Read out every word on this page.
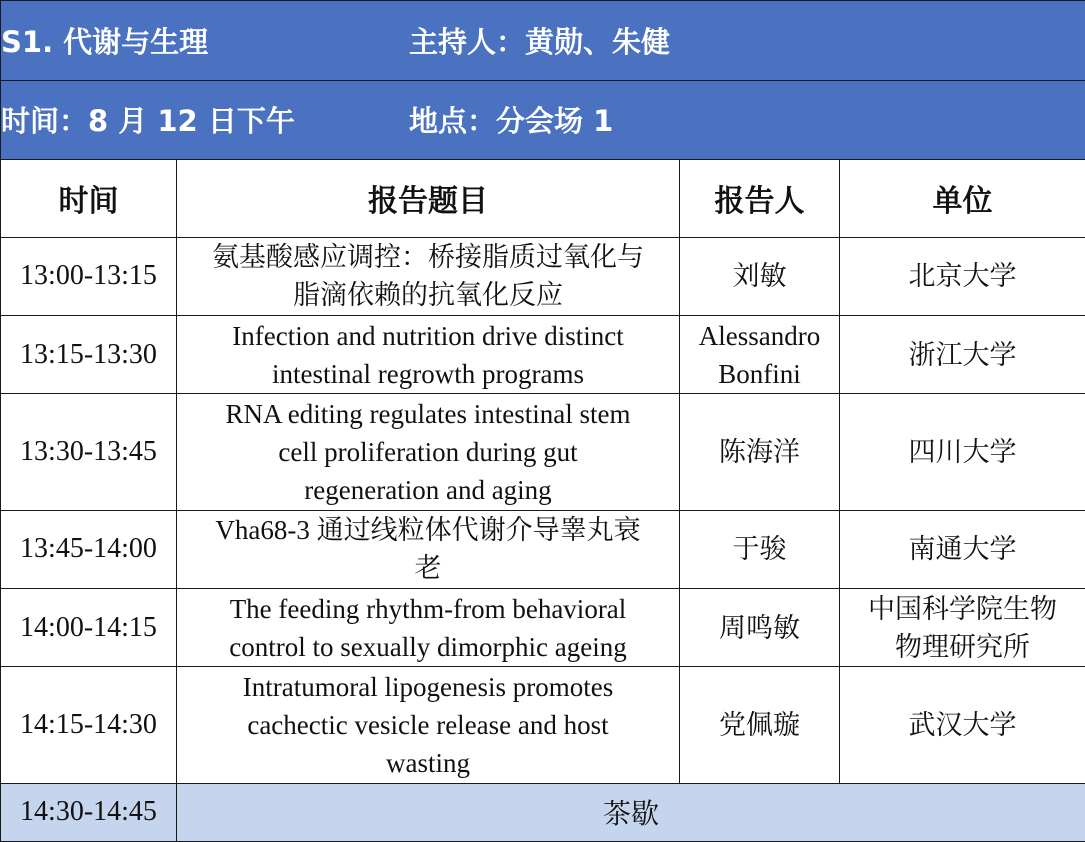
S1. 代谢与生理 主持人：黄勋、朱健			
时间：8 月 12 日下午 地点：分会场 1			
时间	报告题目	报告人	单位
13:00-13:15	氨基酸感应调控：桥接脂质过氧化与
脂滴依赖的抗氧化反应	刘敏	北京大学
13:15-13:30	Infection and nutrition drive distinct
intestinal regrowth programs	Alessandro
Bonfini	浙江大学
13:30-13:45	RNA editing regulates intestinal stem
cell proliferation during gut
regeneration and aging	陈海洋	四川大学
13:45-14:00	Vha68-3 通过线粒体代谢介导睾丸衰
老	于骏	南通大学
14:00-14:15	The feeding rhythm-from behavioral
control to sexually dimorphic ageing	周鸣敏	中国科学院生物
物理研究所
14:15-14:30	Intratumoral lipogenesis promotes
cachectic vesicle release and host
wasting	党佩璇	武汉大学
14:30-14:45	茶歇		
